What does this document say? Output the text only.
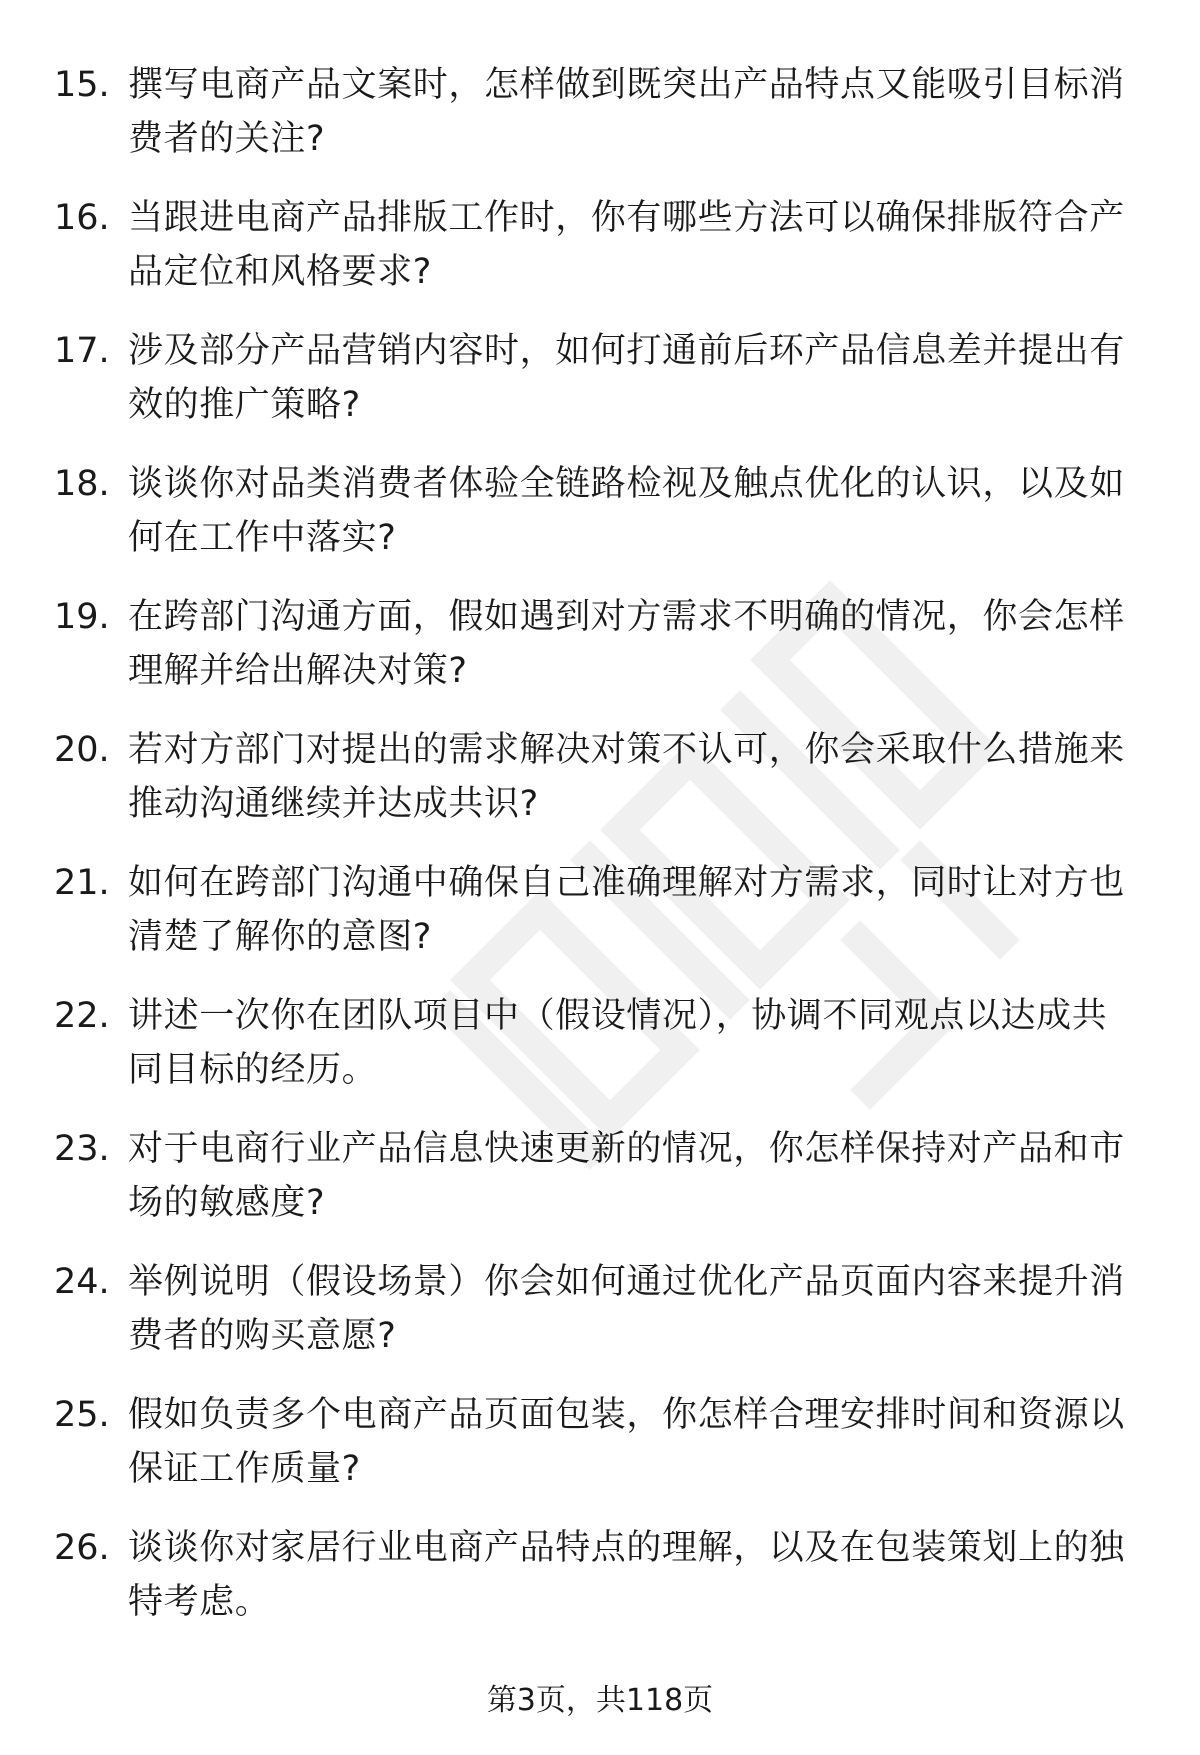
15. 撰写电商产品文案时，怎样做到既突出产品特点又能吸引目标消费者的关注?
16. 当跟进电商产品排版工作时，你有哪些方法可以确保排版符合产品定位和风格要求?
17. 涉及部分产品营销内容时，如何打通前后环产品信息差并提出有效的推广策略?
18. 谈谈你对品类消费者体验全链路检视及触点优化的认识，以及如何在工作中落实?
19. 在跨部门沟通方面，假如遇到对方需求不明确的情况，你会怎样理解并给出解决对策?
20. 若对方部门对提出的需求解决对策不认可，你会采取什么措施来推动沟通继续并达成共识?
21. 如何在跨部门沟通中确保自己准确理解对方需求，同时让对方也清楚了解你的意图?
22. 讲述一次你在团队项目中（假设情况），协调不同观点以达成共同目标的经历。
23. 对于电商行业产品信息快速更新的情况，你怎样保持对产品和市场的敏感度?
24. 举例说明（假设场景）你会如何通过优化产品页面内容来提升消费者的购买意愿?
25. 假如负责多个电商产品页面包装，你怎样合理安排时间和资源以保证工作质量?
26. 谈谈你对家居行业电商产品特点的理解，以及在包装策划上的独特考虑。
第3页，共118页
